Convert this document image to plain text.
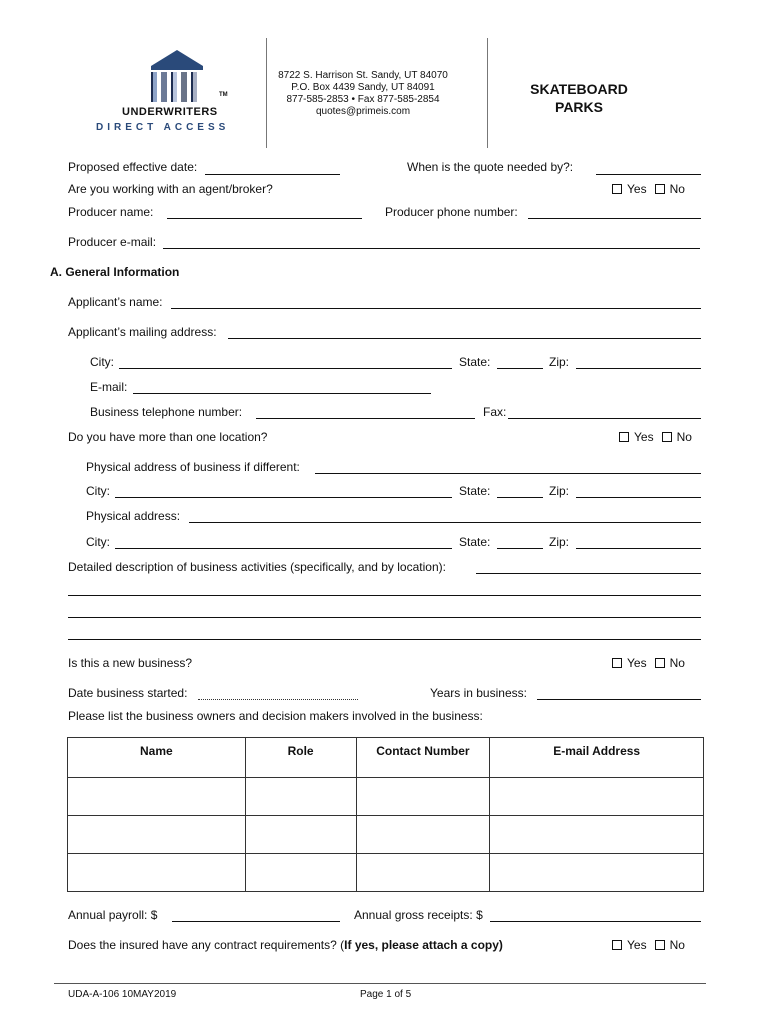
TM
UNDERWRITERS
DIRECT ACCESS
8722 S. Harrison St. Sandy, UT 84070
P.O. Box 4439 Sandy, UT 84091
877-585-2853 • Fax 877-585-2854
quotes@primeis.com
SKATEBOARD
PARKS
Proposed effective date:	When is the quote needed by?:
Are you working with an agent/broker?	Yes No
Producer name:	Producer phone number:
Producer e-mail:
A. General Information
Applicant’s name:
Applicant’s mailing address:
City:	State:	Zip:
E-mail:
Business telephone number:	Fax:
Do you have more than one location?	Yes No
Physical address of business if different:
City:	State:	Zip:
Physical address:
City:	State:	Zip:
Detailed description of business activities (specifically, and by location):
Is this a new business?	Yes No
Date business started:	Years in business:
Please list the business owners and decision makers involved in the business:
Name	Role	Contact Number	E-mail Address

Annual payroll: $	Annual gross receipts: $
Does the insured have any contract requirements? (If yes, please attach a copy)	Yes No
UDA-A-106 10MAY2019	Page 1 of 5
